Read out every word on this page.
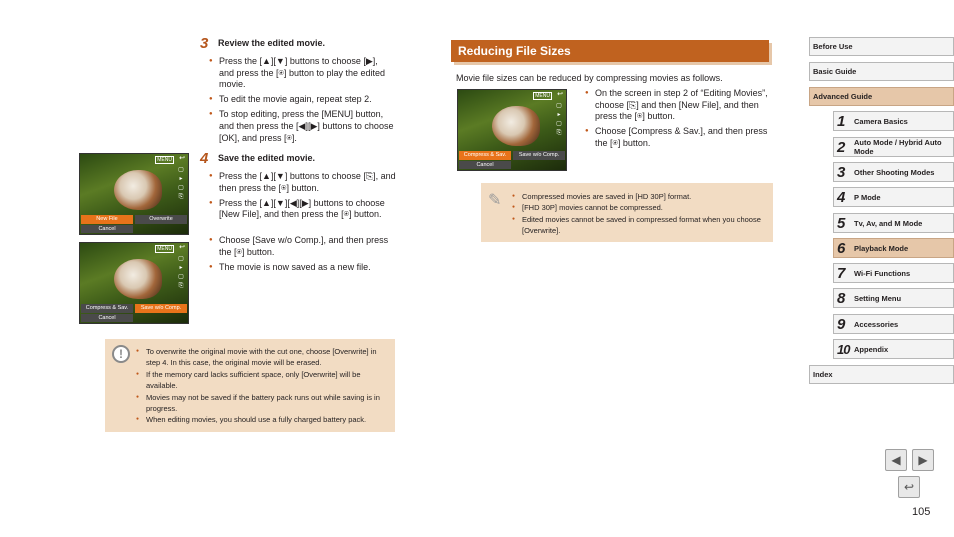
3 Review the edited movie.
● Press the [▲][▼] buttons to choose [▶], and press the [⍟] button to play the edited movie.
● To edit the movie again, repeat step 2.
● To stop editing, press the [MENU] button, and then press the [◀][▶] buttons to choose [OK], and press [⍟].
4 Save the edited movie.
● Press the [▲][▼] buttons to choose [⎘], and then press the [⍟] button.
● Press the [▲][▼][◀][▶] buttons to choose [New File], and then press the [⍟] button.
● Choose [Save w/o Comp.], and then press the [⍟] button.
● The movie is now saved as a new file.
MENU ↩
▢
▸
▢
⎘
New File	Overwrite
Cancel
MENU ↩
▢
▸
▢
⎘
Compress & Sav.	Save w/o Comp.
Cancel
MENU ↩
▢
▸
▢
⎘
Compress & Sav.	Save w/o Comp.
Cancel
!	● To overwrite the original movie with the cut one, choose [Overwrite] in step 4. In this case, the original movie will be erased.
● If the memory card lacks sufficient space, only [Overwrite] will be available.
● Movies may not be saved if the battery pack runs out while saving is in progress.
● When editing movies, you should use a fully charged battery pack.
Reducing File Sizes
Movie file sizes can be reduced by compressing movies as follows.
● On the screen in step 2 of “Editing Movies”, choose [⎘] and then [New File], and then press the [⍟] button.
● Choose [Compress & Sav.], and then press the [⍟] button.
✎	● Compressed movies are saved in [HD 30P] format.
● [FHD 30P] movies cannot be compressed.
● Edited movies cannot be saved in compressed format when you choose [Overwrite].
Before Use
Basic Guide
Advanced Guide
1 Camera Basics
2 Auto Mode / Hybrid Auto Mode
3 Other Shooting Modes
4 P Mode
5 Tv, Av, and M Mode
6 Playback Mode
7 Wi-Fi Functions
8 Setting Menu
9 Accessories
10 Appendix
Index
◀	▶
↩
105
